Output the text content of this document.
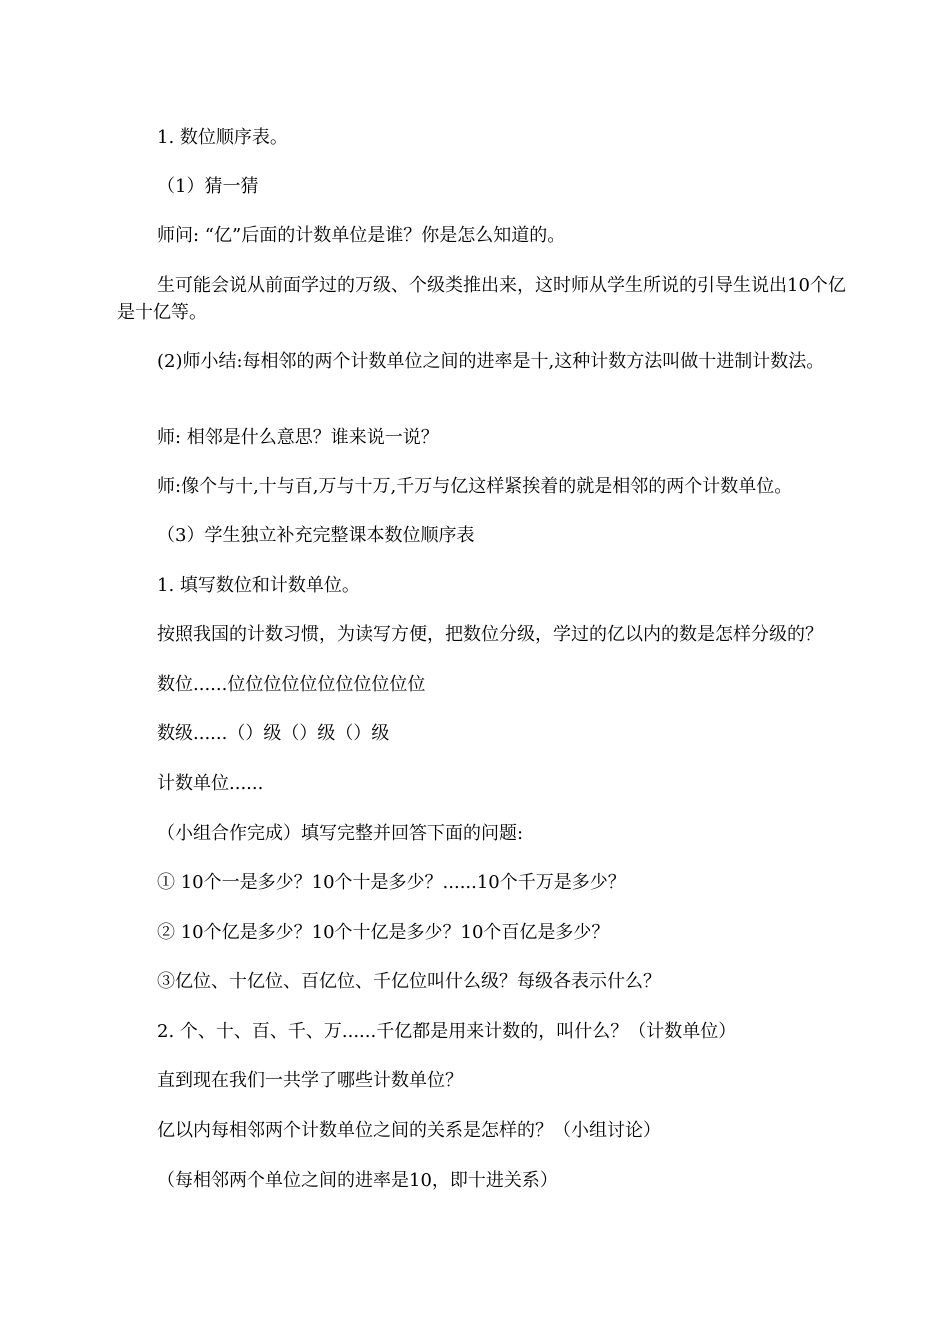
1. 数位顺序表。
（1）猜一猜
师问: “亿”后面的计数单位是谁？你是怎么知道的。
生可能会说从前面学过的万级、个级类推出来，这时师从学生所说的引导生说出10个亿是十亿等。
(2)师小结:每相邻的两个计数单位之间的进率是十,这种计数方法叫做十进制计数法。
师: 相邻是什么意思？谁来说一说？
师:像个与十,十与百,万与十万,千万与亿这样紧挨着的就是相邻的两个计数单位。
（3）学生独立补充完整课本数位顺序表
1. 填写数位和计数单位。
按照我国的计数习惯，为读写方便，把数位分级，学过的亿以内的数是怎样分级的？
数位......位位位位位位位位位位位
数级......（）级（）级（）级
计数单位......
（小组合作完成）填写完整并回答下面的问题:
① 10个一是多少？10个十是多少？......10个千万是多少？
② 10个亿是多少？10个十亿是多少？10个百亿是多少？
③亿位、十亿位、百亿位、千亿位叫什么级？每级各表示什么？
2. 个、十、百、千、万......千亿都是用来计数的，叫什么？（计数单位）
直到现在我们一共学了哪些计数单位？
亿以内每相邻两个计数单位之间的关系是怎样的？（小组讨论）
（每相邻两个单位之间的进率是10，即十进关系）
